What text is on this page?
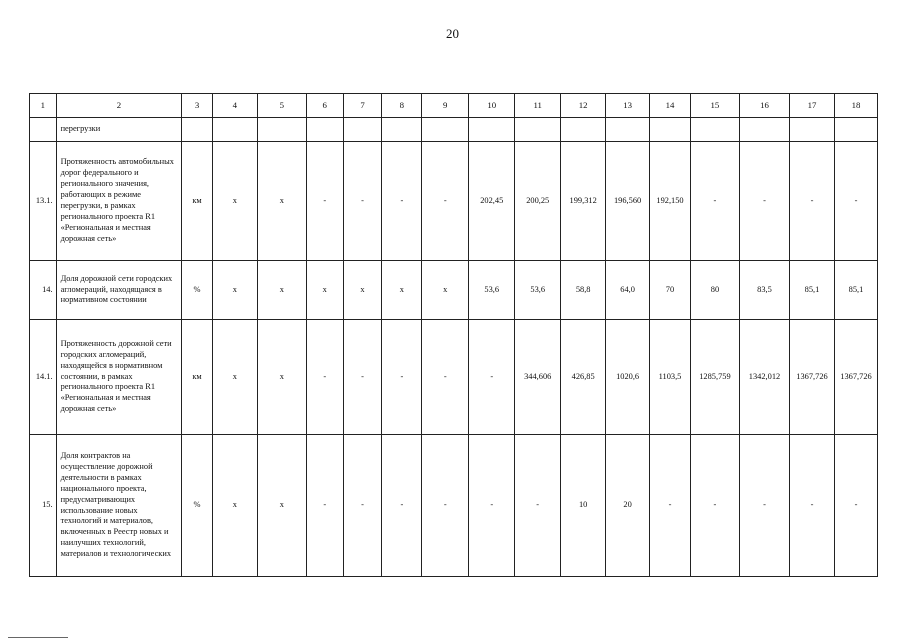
20
1	2	3	4	5	6	7	8	9	10	11	12	13	14	15	16	17	18
	перегрузки																
13.1.	Протяженность автомобильных дорог федерального и регионального значения, работающих в режиме перегрузки, в рамках регионального проекта R1 «Региональная и местная дорожная сеть»	км	х	х	-	-	-	-	202,45	200,25	199,312	196,560	192,150	-	-	-	-
14.	Доля дорожной сети городских агломераций, находящаяся в нормативном состоянии	%	х	х	х	х	х	х	53,6	53,6	58,8	64,0	70	80	83,5	85,1	85,1
14.1.	Протяженность дорожной сети городских агломераций, находящейся в нормативном состоянии, в рамках регионального проекта R1 «Региональная и местная дорожная сеть»	км	х	х	-	-	-	-	-	344,606	426,85	1020,6	1103,5	1285,759	1342,012	1367,726	1367,726
15.	Доля контрактов на осуществление дорожной деятельности в рамках национального проекта, предусматривающих использование новых технологий и материалов, включенных в Реестр новых и наилучших технологий, материалов и технологических	%	х	х	-	-	-	-	-	-	10	20	-	-	-	-	-
